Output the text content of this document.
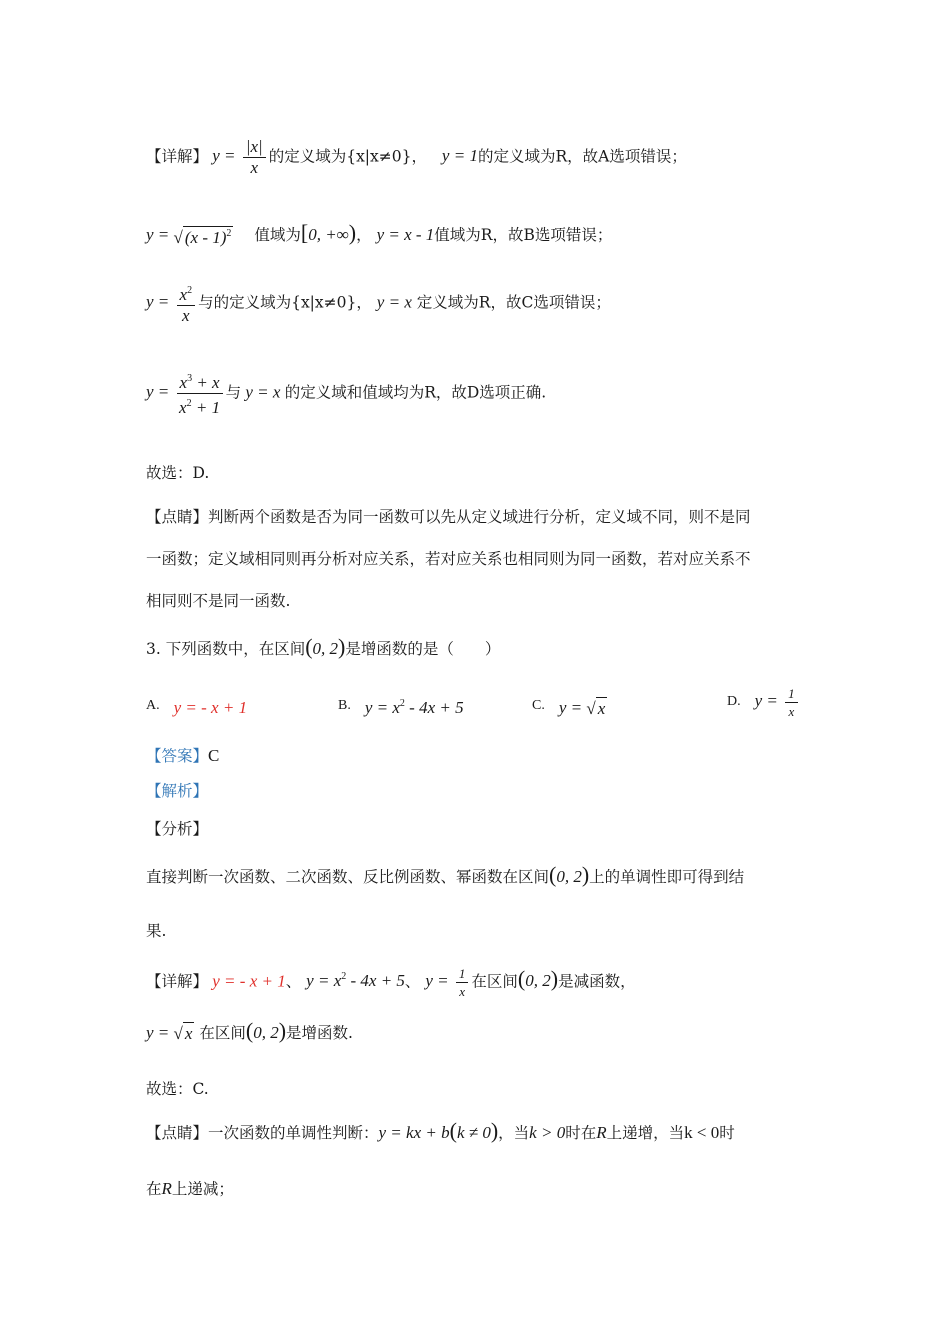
【详解】 $y = \frac{|x|}{x}$ 的定义域为{x|x≠0}， y = 1的定义域为R，故A选项错误；
y = √ (x - 1)$^2$ 值域为[0, +∞)， y = x - 1值域为R，故B选项错误；
$y = \frac{x^2}{x}$ 与的定义域为{x|x≠0}， y = x 定义域为R，故C选项错误；
$y = \frac{x^3 + x}{x^2 + 1}$ 与 y = x 的定义域和值域均为R，故D选项正确.
故选：D.
【点睛】判断两个函数是否为同一函数可以先从定义域进行分析，定义域不同，则不是同
一函数；定义域相同则再分析对应关系，若对应关系也相同则为同一函数，若对应关系不
相同则不是同一函数.
3. 下列函数中，在区间(0, 2)是增函数的是（　　）
A. y = - x + 1	B. $y = x^2 - 4x + 5$	C. y = √ x	D. $y = \frac{1}{x}$
【答案】C
【解析】
【分析】
直接判断一次函数、二次函数、反比例函数、幂函数在区间(0, 2)上的单调性即可得到结
果.
【详解】 y = - x + 1、 $y = x^2 - 4x + 5$、 $y = \frac{1}{x}$ 在区间(0, 2)是减函数，
y = √ x 在区间(0, 2)是增函数.
故选：C.
【点睛】一次函数的单调性判断：y = kx + b(k ≠ 0)，当k > 0时在R上递增，当k < 0时
在R上递减；
